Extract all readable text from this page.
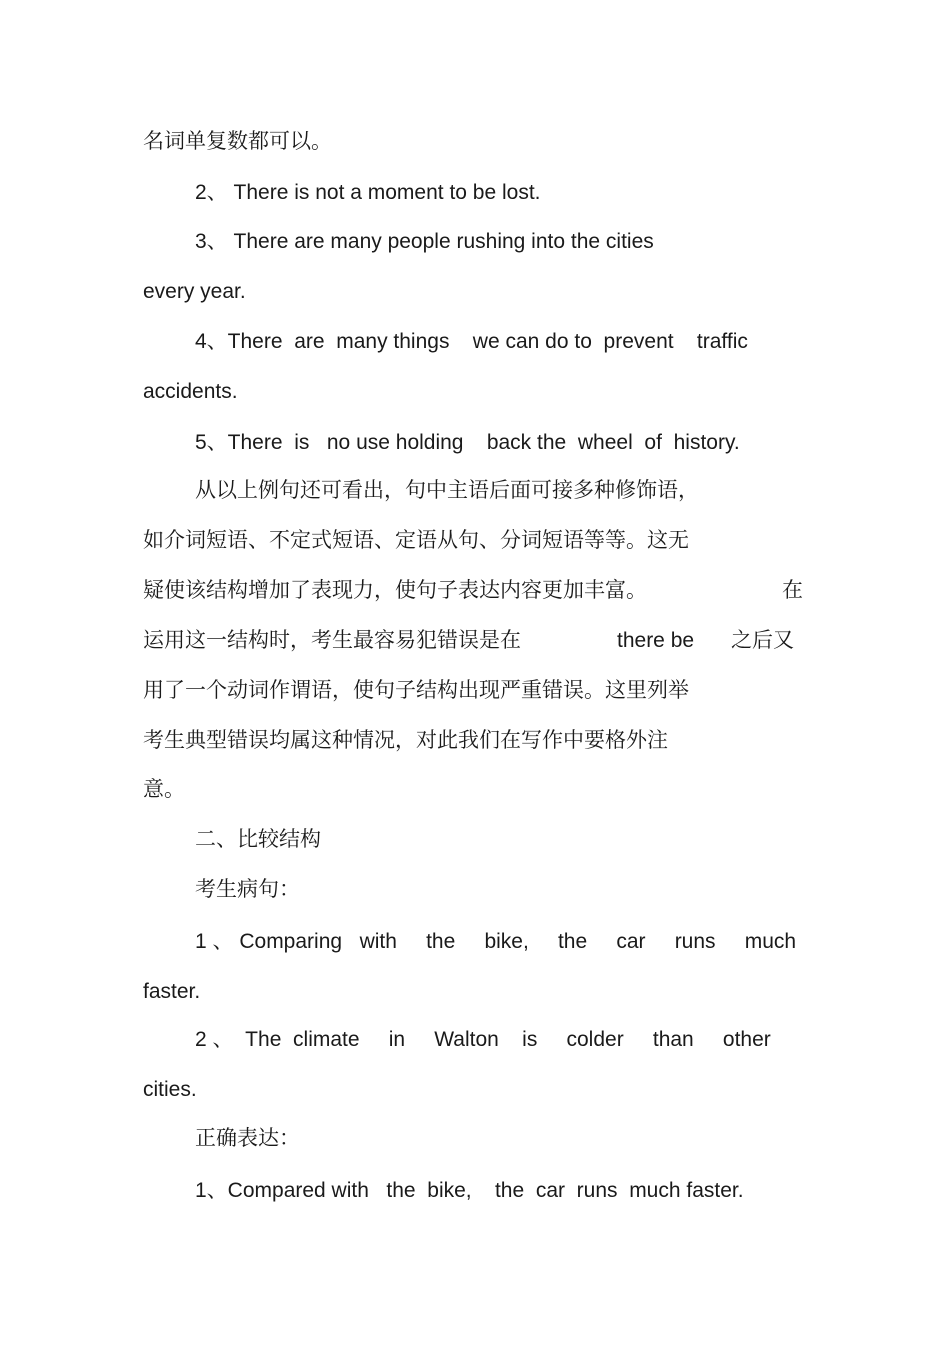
名词单复数都可以。

2、 There is not a moment to be lost.

3、 There are many people rushing into the cities

every year.

4、There  are  many things    we can do to  prevent    traffic

accidents.

5、There  is   no use holding    back the  wheel  of  history.

从以上例句还可看出，句中主语后面可接多种修饰语，

如介词短语、不定式短语、定语从句、分词短语等等。这无

疑使该结构增加了表现力，使句子表达内容更加丰富。	在
运用这一结构时，考生最容易犯错误是在	there be 之后又

用了一个动词作谓语，使句子结构出现严重错误。这里列举

考生典型错误均属这种情况，对此我们在写作中要格外注

意。

二、比较结构

考生病句：

1 、 Comparing   with     the     bike,     the     car     runs     much

faster.

2 、  The  climate     in     Walton    is     colder     than     other

cities.

正确表达：

1、Compared with   the  bike,    the  car  runs  much faster.
